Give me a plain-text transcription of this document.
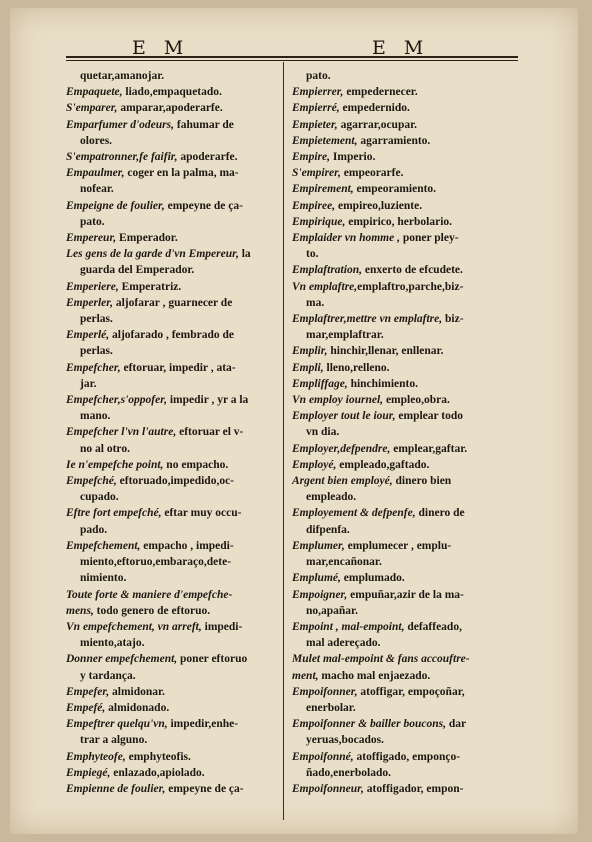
E M	E M

quetar,amanojar.

Empaquete, liado,empaquetado.

S'emparer, amparar,apoderarfe.

Emparfumer d'odeurs, fahumar de

olores.

S'empatronner,fe faifir, apoderarfe.

Empaulmer, coger en la palma, ma-

nofear.

Empeigne de foulier, empeyne de ça-

pato.

Empereur, Emperador.

Les gens de la garde d'vn Empereur, la

guarda del Emperador.

Emperiere, Emperatriz.

Emperler, aljofarar , guarnecer de

perlas.

Emperlé, aljofarado , fembrado de

perlas.

Empefcher, eftoruar, impedir , ata-

jar.

Empefcher,s'oppofer, impedir , yr a la

mano.

Empefcher l'vn l'autre, eftoruar el v-

no al otro.

Ie n'empefche point, no empacho.

Empefché, eftoruado,impedido,oc-

cupado.

Eftre fort empefché, eftar muy occu-

pado.

Empefchement, empacho , impedi-

miento,eftoruo,embaraço,dete-

nimiento.

Toute forte & maniere d'empefche-

mens, todo genero de eftoruo.

Vn empefchement, vn arreft, impedi-

miento,atajo.

Donner empefchement, poner eftoruo

y tardança.

Empefer, almidonar.

Empefé, almidonado.

Empeftrer quelqu'vn, impedir,enhe-

trar a alguno.

Emphyteofe, emphyteofis.

Empiegé, enlazado,apiolado.

Empienne de foulier, empeyne de ça-

pato.

Empierrer, empedernecer.

Empierré, empedernido.

Empieter, agarrar,ocupar.

Empietement, agarramiento.

Empire, Imperio.

S'empirer, empeorarfe.

Empirement, empeoramiento.

Empiree, empireo,luziente.

Empirique, empirico, herbolario.

Emplaider vn homme , poner pley-

to.

Emplaftration, enxerto de efcudete.

Vn emplaftre,emplaftro,parche,biz-

ma.

Emplaftrer,mettre vn emplaftre, biz-

mar,emplaftrar.

Emplir, hinchir,llenar, enllenar.

Empli, lleno,relleno.

Empliffage, hinchimiento.

Vn employ iournel, empleo,obra.

Employer tout le iour, emplear todo

vn dia.

Employer,defpendre, emplear,gaftar.

Employé, empleado,gaftado.

Argent bien employé, dinero bien

empleado.

Employement & defpenfe, dinero de

difpenfa.

Emplumer, emplumecer , emplu-

mar,encañonar.

Emplumé, emplumado.

Empoigner, empuñar,azir de la ma-

no,apañar.

Empoint , mal-empoint, defaffeado,

mal adereçado.

Mulet mal-empoint & fans accouftre-

ment, macho mal enjaezado.

Empoifonner, atoffigar, empoçoñar,

enerbolar.

Empoifonner & bailler boucons, dar

yeruas,bocados.

Empoifonné, atoffigado, emponço-

ñado,enerbolado.

Empoifonneur, atoffigador, empon-
